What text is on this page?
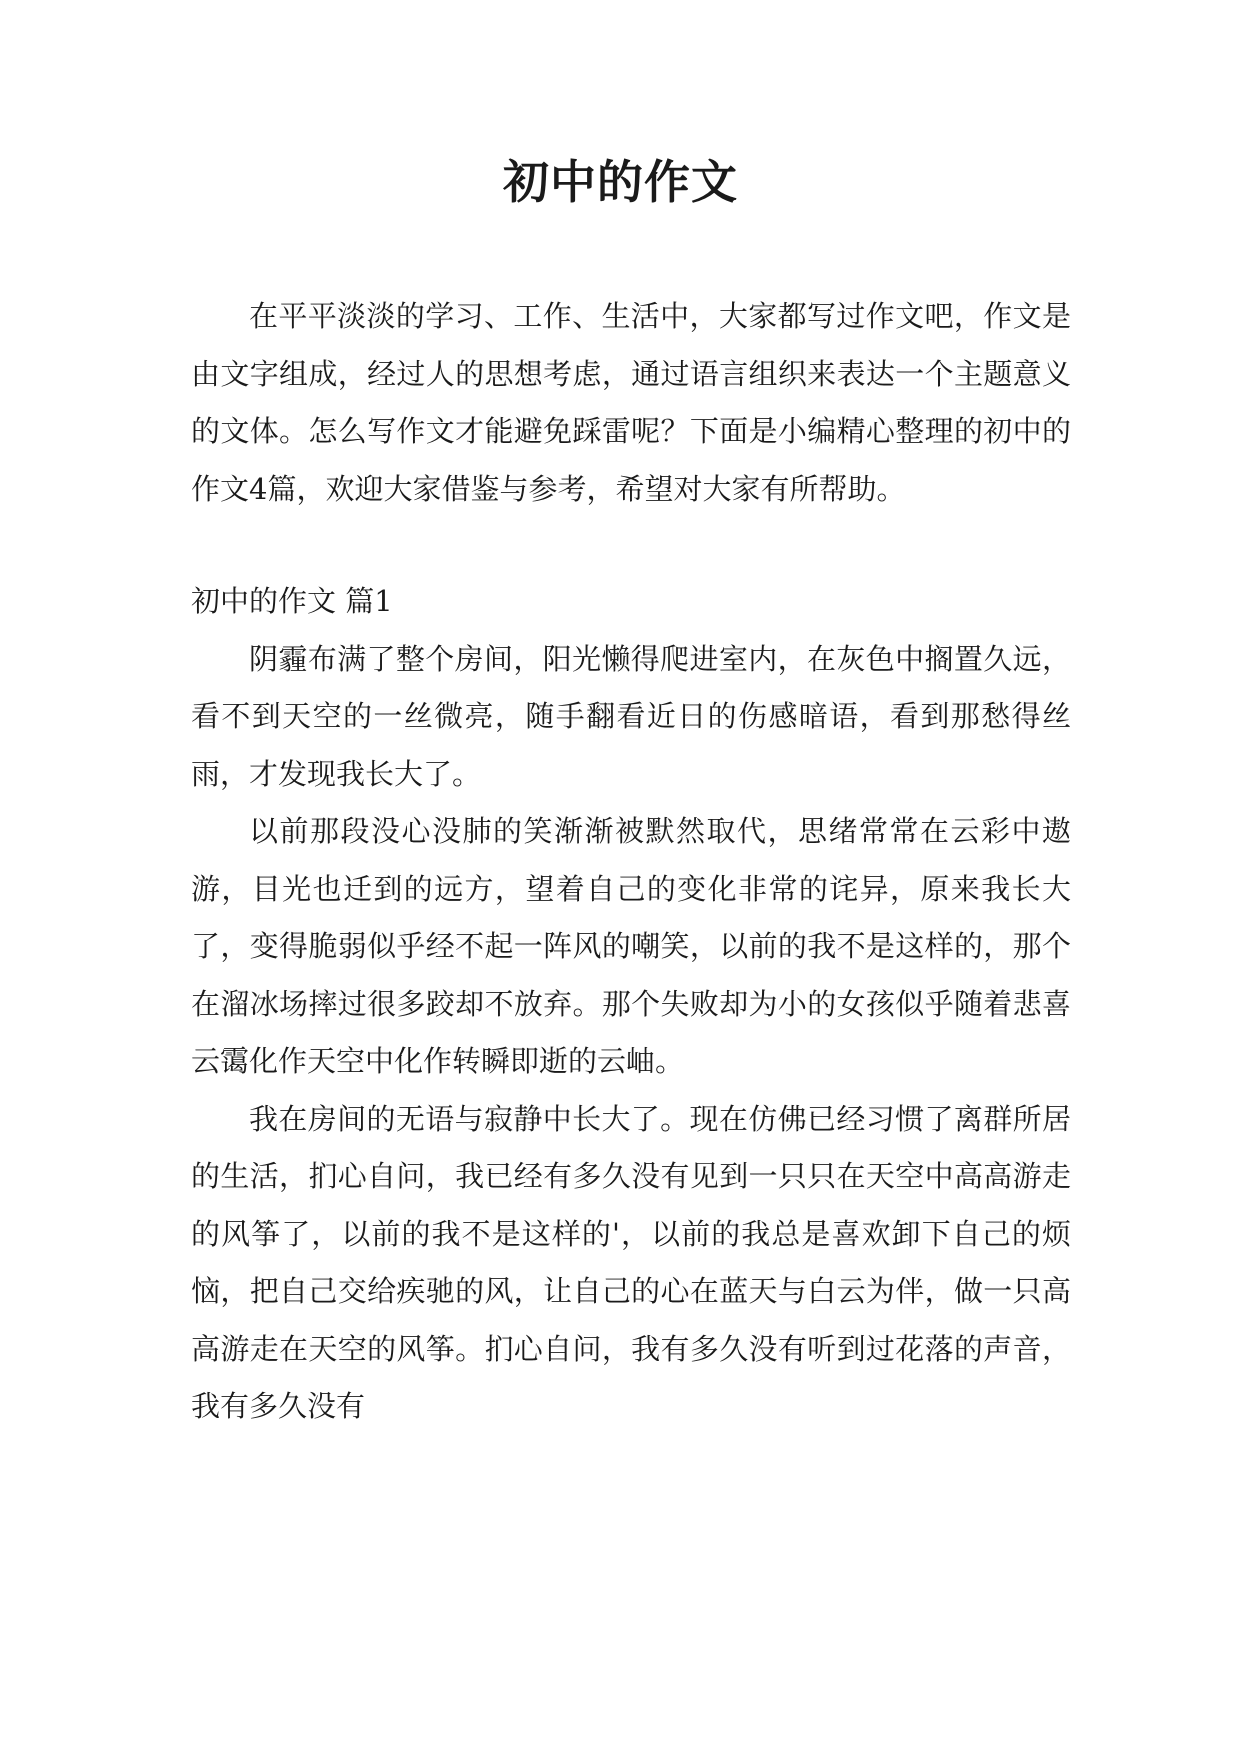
初中的作文

在平平淡淡的学习、工作、生活中，大家都写过作文吧，作文是由文字组成，经过人的思想考虑，通过语言组织来表达一个主题意义的文体。怎么写作文才能避免踩雷呢？下面是小编精心整理的初中的作文4篇，欢迎大家借鉴与参考，希望对大家有所帮助。

初中的作文 篇1

阴霾布满了整个房间，阳光懒得爬进室内，在灰色中搁置久远，看不到天空的一丝微亮，随手翻看近日的伤感暗语，看到那愁得丝雨，才发现我长大了。

以前那段没心没肺的笑渐渐被默然取代，思绪常常在云彩中遨游，目光也迁到的远方，望着自己的变化非常的诧异，原来我长大了，变得脆弱似乎经不起一阵风的嘲笑，以前的我不是这样的，那个在溜冰场摔过很多跤却不放弃。那个失败却为小的女孩似乎随着悲喜云霭化作天空中化作转瞬即逝的云岫。

我在房间的无语与寂静中长大了。现在仿佛已经习惯了离群所居的生活，扪心自问，我已经有多久没有见到一只只在天空中高高游走的风筝了，以前的我不是这样的'，以前的我总是喜欢卸下自己的烦恼，把自己交给疾驰的风，让自己的心在蓝天与白云为伴，做一只高高游走在天空的风筝。扪心自问，我有多久没有听到过花落的声音，我有多久没有
